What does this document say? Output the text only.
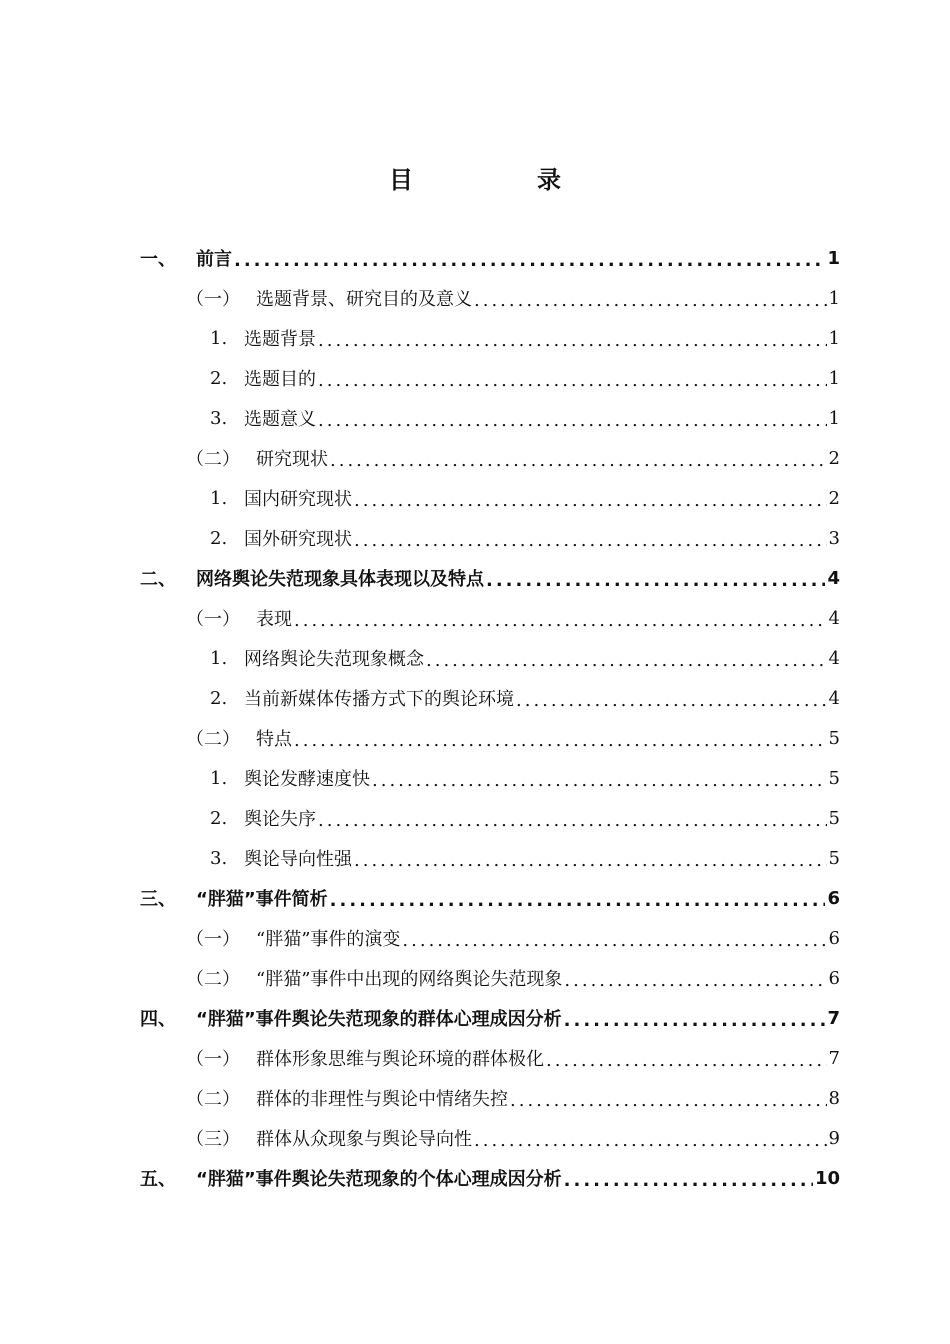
目　录
一、	前言 .....	1
（一） 选题背景、研究目的及意义 .....	1
1. 选题背景 .....	1
2. 选题目的 .....	1
3. 选题意义 .....	1
（二） 研究现状 .....	2
1. 国内研究现状 .....	2
2. 国外研究现状 .....	3
二、	网络舆论失范现象具体表现以及特点 .....	4
（一） 表现 .....	4
1. 网络舆论失范现象概念 .....	4
2. 当前新媒体传播方式下的舆论环境 .....	4
（二） 特点 .....	5
1. 舆论发酵速度快 .....	5
2. 舆论失序 .....	5
3. 舆论导向性强 .....	5
三、	“胖猫”事件简析 .....	6
（一） “胖猫”事件的演变 .....	6
（二） “胖猫”事件中出现的网络舆论失范现象 .....	6
四、	“胖猫”事件舆论失范现象的群体心理成因分析 .....	7
（一） 群体形象思维与舆论环境的群体极化 .....	7
（二） 群体的非理性与舆论中情绪失控 .....	8
（三） 群体从众现象与舆论导向性 .....	9
五、	“胖猫”事件舆论失范现象的个体心理成因分析 .....	10
